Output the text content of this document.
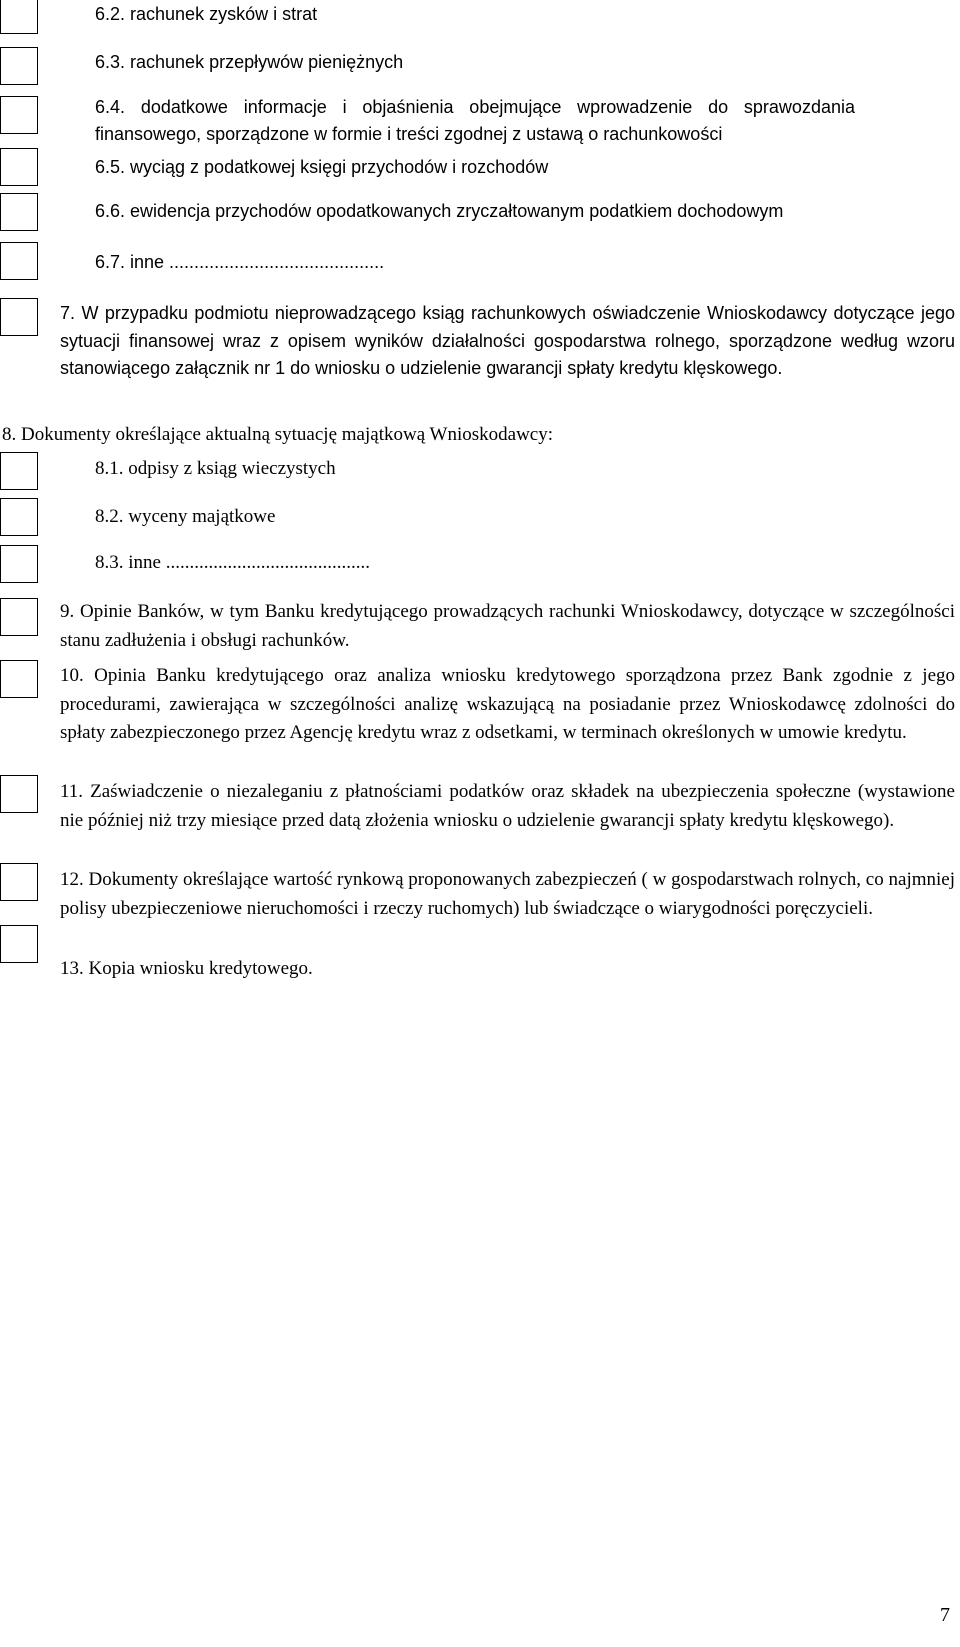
6.2. rachunek zysków i strat
6.3. rachunek przepływów pieniężnych
6.4. dodatkowe informacje i objaśnienia obejmujące wprowadzenie do sprawozdania finansowego, sporządzone w formie i treści zgodnej z ustawą o rachunkowości
6.5. wyciąg z podatkowej księgi przychodów i rozchodów
6.6. ewidencja przychodów opodatkowanych zryczałtowanym podatkiem dochodowym
6.7. inne ...........................................
7. W przypadku podmiotu nieprowadzącego ksiąg rachunkowych oświadczenie Wnioskodawcy dotyczące jego sytuacji finansowej wraz z opisem wyników działalności gospodarstwa rolnego, sporządzone według wzoru stanowiącego załącznik nr 1 do wniosku o udzielenie gwarancji spłaty kredytu klęskowego.
8. Dokumenty określające aktualną sytuację majątkową Wnioskodawcy:
8.1. odpisy z ksiąg wieczystych
8.2. wyceny majątkowe
8.3. inne ...........................................
9. Opinie Banków, w tym Banku kredytującego prowadzących rachunki Wnioskodawcy, dotyczące w szczególności stanu zadłużenia i obsługi rachunków.
10. Opinia Banku kredytującego oraz analiza wniosku kredytowego sporządzona przez Bank zgodnie z jego procedurami, zawierająca w szczególności analizę wskazującą na posiadanie przez Wnioskodawcę zdolności do spłaty zabezpieczonego przez Agencję kredytu wraz z odsetkami, w terminach określonych w umowie kredytu.
11. Zaświadczenie o niezaleganiu z płatnościami podatków oraz składek na ubezpieczenia społeczne (wystawione nie później niż trzy miesiące przed datą złożenia wniosku o udzielenie gwarancji spłaty kredytu klęskowego).
12. Dokumenty określające wartość rynkową proponowanych zabezpieczeń ( w gospodarstwach rolnych, co najmniej polisy ubezpieczeniowe nieruchomości i rzeczy ruchomych) lub świadczące o wiarygodności poręczycieli.
13. Kopia wniosku kredytowego.
7
